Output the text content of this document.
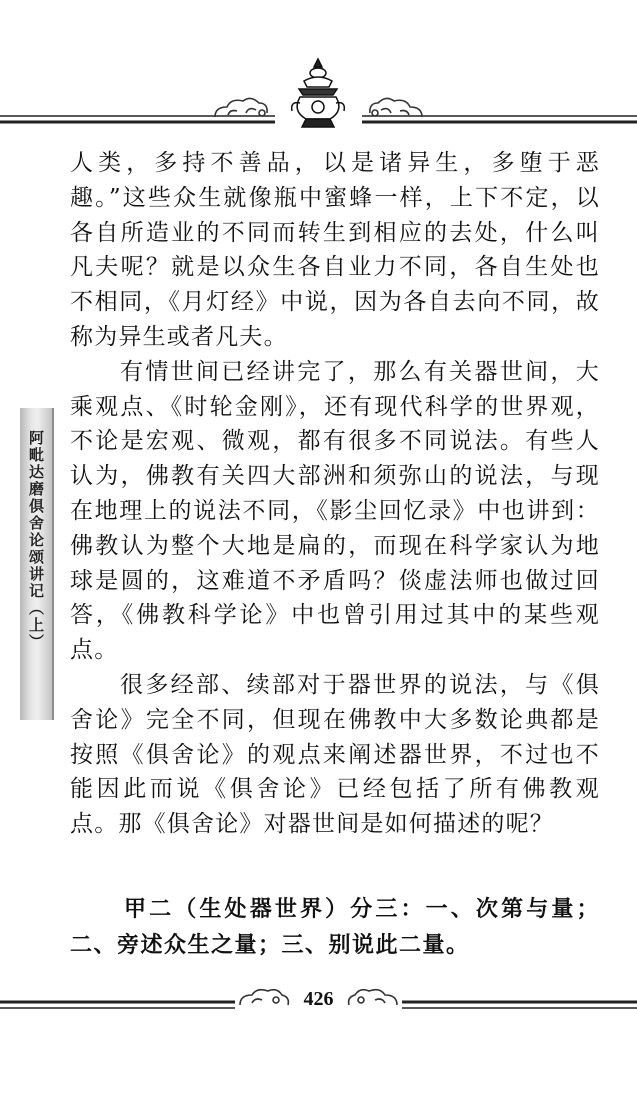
阿毗达磨俱舍论颂讲记（上）

人类，多持不善品，以是诸异生，多堕于恶趣。”这些众生就像瓶中蜜蜂一样，上下不定，以各自所造业的不同而转生到相应的去处，什么叫凡夫呢？就是以众生各自业力不同，各自生处也不相同，《月灯经》中说，因为各自去向不同，故称为异生或者凡夫。

有情世间已经讲完了，那么有关器世间，大乘观点、《时轮金刚》，还有现代科学的世界观，不论是宏观、微观，都有很多不同说法。有些人认为，佛教有关四大部洲和须弥山的说法，与现在地理上的说法不同，《影尘回忆录》中也讲到：佛教认为整个大地是扁的，而现在科学家认为地球是圆的，这难道不矛盾吗？倓虚法师也做过回答，《佛教科学论》中也曾引用过其中的某些观点。

很多经部、续部对于器世界的说法，与《俱舍论》完全不同，但现在佛教中大多数论典都是按照《俱舍论》的观点来阐述器世界，不过也不能因此而说《俱舍论》已经包括了所有佛教观点。那《俱舍论》对器世间是如何描述的呢？

甲二（生处器世界）分三：一、次第与量；二、旁述众生之量；三、别说此二量。
426
